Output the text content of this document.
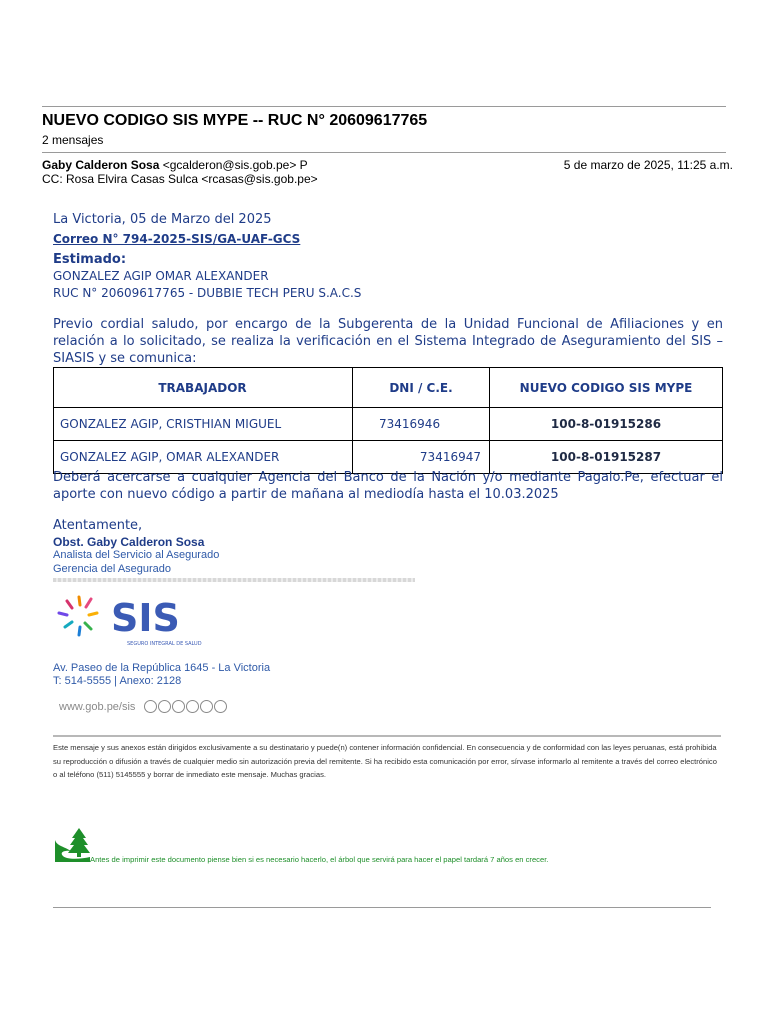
NUEVO CODIGO SIS MYPE -- RUC N° 20609617765
2 mensajes
Gaby Calderon Sosa <gcalderon@sis.gob.pe> P	5 de marzo de 2025, 11:25 a.m.
CC: Rosa Elvira Casas Sulca <rcasas@sis.gob.pe>
La Victoria, 05 de Marzo del 2025
Correo N° 794-2025-SIS/GA-UAF-GCS
Estimado:
GONZALEZ AGIP OMAR ALEXANDER
RUC N° 20609617765 - DUBBIE TECH PERU S.A.C.S
Previo cordial saludo, por encargo de la Subgerenta de la Unidad Funcional de Afiliaciones y en relación a lo solicitado, se realiza la verificación en el Sistema Integrado de Aseguramiento del SIS –SIASIS y se comunica:
TRABAJADOR	DNI / C.E.	NUEVO CODIGO SIS MYPE
GONZALEZ AGIP, CRISTHIAN MIGUEL	73416946	100-8-01915286
GONZALEZ AGIP, OMAR ALEXANDER	73416947	100-8-01915287
Deberá acercarse a cualquier Agencia del Banco de la Nación y/o mediante Pagalo.Pe, efectuar el aporte con nuevo código a partir de mañana al mediodía hasta el 10.03.2025
Atentamente,
Obst. Gaby Calderon Sosa
Analista del Servicio al Asegurado
Gerencia del Asegurado
SIS
SEGURO INTEGRAL DE SALUD
Av. Paseo de la República 1645 - La Victoria
T: 514-5555 | Anexo: 2128
www.gob.pe/sis
Este mensaje y sus anexos están dirigidos exclusivamente a su destinatario y puede(n) contener información confidencial. En consecuencia y de conformidad con las leyes peruanas, está prohibida su reproducción o difusión a través de cualquier medio sin autorización previa del remitente. Si ha recibido esta comunicación por error, sírvase informarlo al remitente a través del correo electrónico o al teléfono (511) 5145555 y borrar de inmediato este mensaje. Muchas gracias.
Antes de imprimir este documento piense bien si es necesario hacerlo, el árbol que servirá para hacer el papel tardará 7 años en crecer.
